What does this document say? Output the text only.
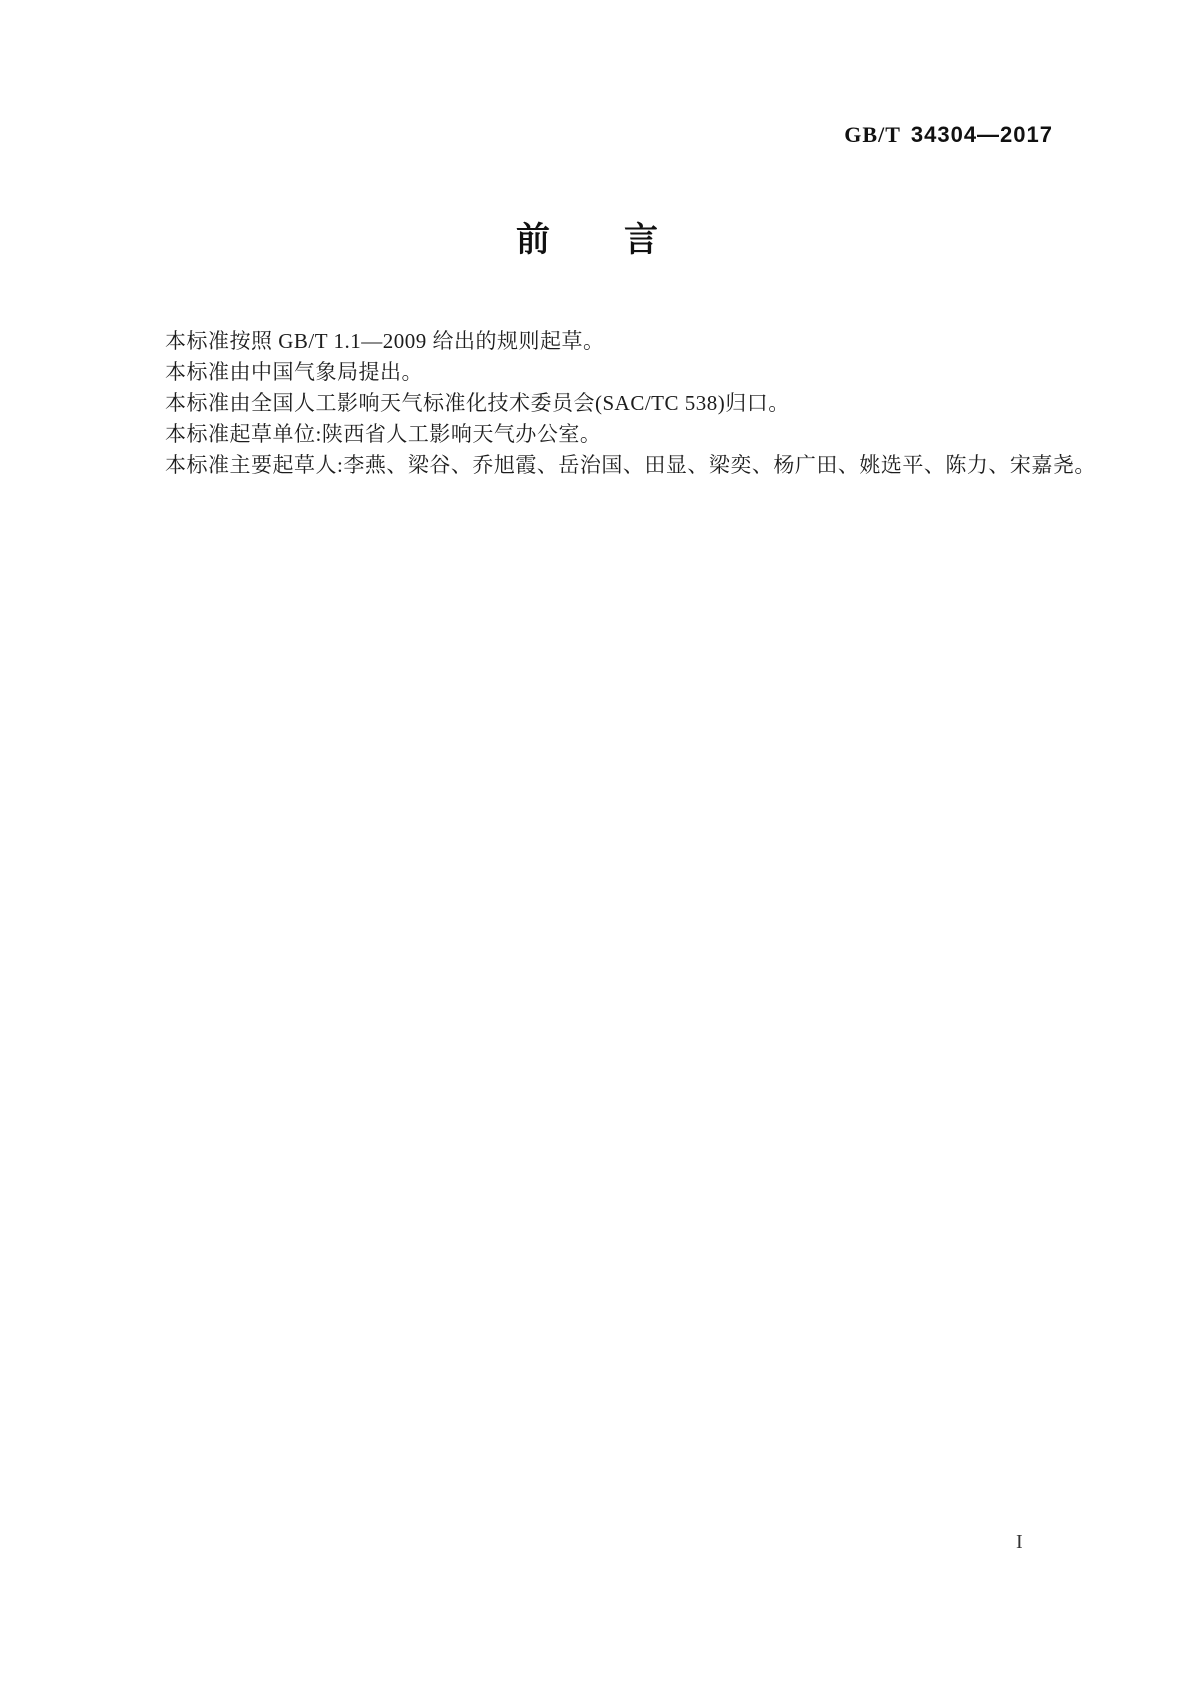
GB/T 34304—2017
前　　言

本标准按照 GB/T 1.1—2009 给出的规则起草。

本标准由中国气象局提出。

本标准由全国人工影响天气标准化技术委员会(SAC/TC 538)归口。

本标准起草单位:陕西省人工影响天气办公室。

本标准主要起草人:李燕、梁谷、乔旭霞、岳治国、田显、梁奕、杨广田、姚选平、陈力、宋嘉尧。

I
